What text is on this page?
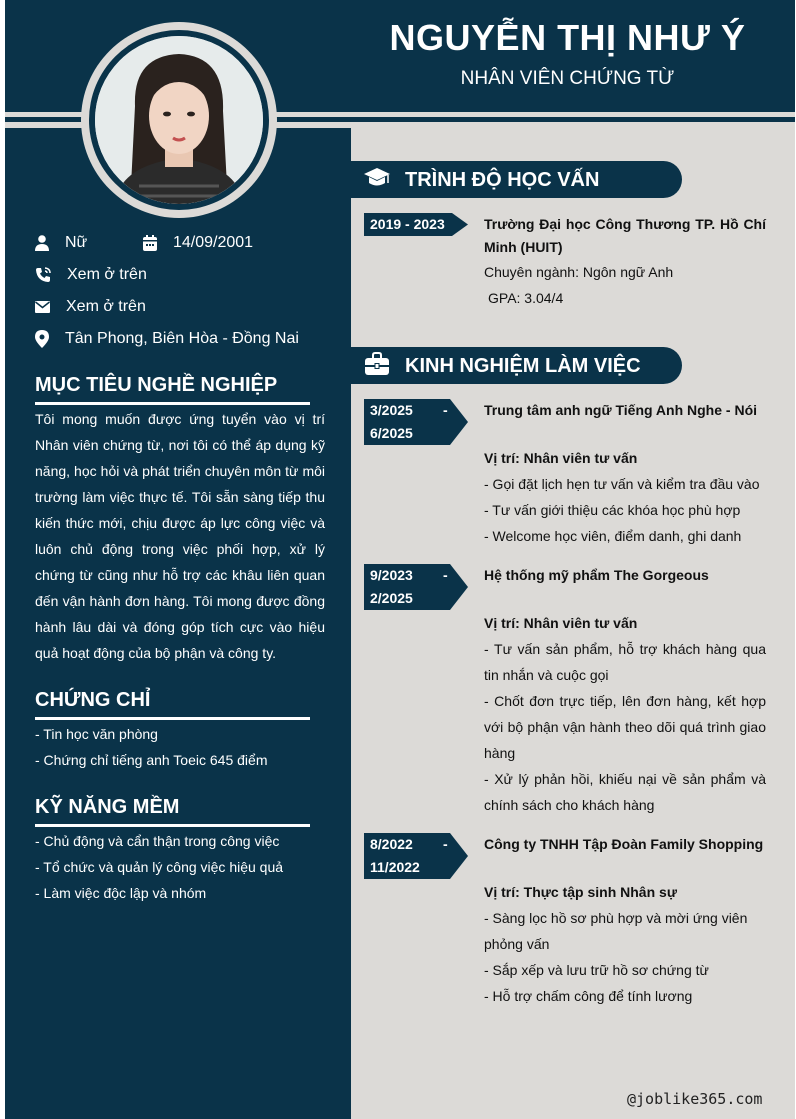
NGUYỄN THỊ NHƯ Ý
NHÂN VIÊN CHỨNG TỪ
Nữ	14/09/2001
Xem ở trên
Xem ở trên
Tân Phong, Biên Hòa - Đồng Nai
MỤC TIÊU NGHỀ NGHIỆP
Tôi mong muốn được ứng tuyển vào vị trí Nhân viên chứng từ, nơi tôi có thể áp dụng kỹ năng, học hỏi và phát triển chuyên môn từ môi trường làm việc thực tế. Tôi sẵn sàng tiếp thu kiến thức mới, chịu được áp lực công việc và luôn chủ động trong việc phối hợp, xử lý chứng từ cũng như hỗ trợ các khâu liên quan đến vận hành đơn hàng. Tôi mong được đồng hành lâu dài và đóng góp tích cực vào hiệu quả hoạt động của bộ phận và công ty.
CHỨNG CHỈ
- Tin học văn phòng
- Chứng chỉ tiếng anh Toeic 645 điểm
KỸ NĂNG MỀM
- Chủ động và cẩn thận trong công việc
- Tổ chức và quản lý công việc hiệu quả
- Làm việc độc lập và nhóm
TRÌNH ĐỘ HỌC VẤN
2019 - 2023	Trường Đại học Công Thương TP. Hồ Chí Minh (HUIT)
Chuyên ngành: Ngôn ngữ Anh
GPA: 3.04/4
KINH NGHIỆM LÀM VIỆC
3/2025 -
6/2025
Trung tâm anh ngữ Tiếng Anh Nghe - Nói
Vị trí: Nhân viên tư vấn
- Gọi đặt lịch hẹn tư vấn và kiểm tra đầu vào
- Tư vấn giới thiệu các khóa học phù hợp
- Welcome học viên, điểm danh, ghi danh
9/2023 -
2/2025
Hệ thống mỹ phẩm The Gorgeous
Vị trí: Nhân viên tư vấn
- Tư vấn sản phẩm, hỗ trợ khách hàng qua tin nhắn và cuộc gọi
- Chốt đơn trực tiếp, lên đơn hàng, kết hợp với bộ phận vận hành theo dõi quá trình giao hàng
- Xử lý phản hồi, khiếu nại về sản phẩm và chính sách cho khách hàng
8/2022 -
11/2022
Công ty TNHH Tập Đoàn Family Shopping
Vị trí: Thực tập sinh Nhân sự
- Sàng lọc hồ sơ phù hợp và mời ứng viên phỏng vấn
- Sắp xếp và lưu trữ hồ sơ chứng từ
- Hỗ trợ chấm công để tính lương
@joblike365.com
